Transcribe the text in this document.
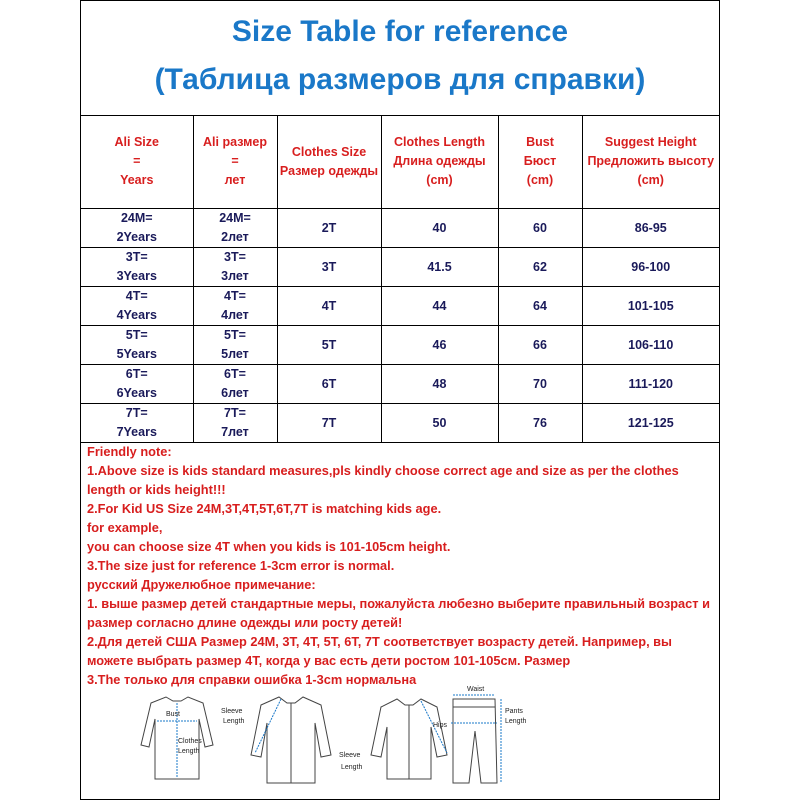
Size Table for reference
(Таблица размеров для справки)
Ali Size
=
Years	Ali размер
=
лет	Clothes Size
Размер одежды	Clothes Length
Длина одежды
(cm)	Bust
Бюст
(cm)	Suggest Height
Предложить высоту
(cm)

24M=
2Years	24M=
2лет	2T	40	60	86-95

3T=
3Years	3T=
3лет	3T	41.5	62	96-100

4T=
4Years	4T=
4лет	4T	44	64	101-105

5T=
5Years	5T=
5лет	5T	46	66	106-110

6T=
6Years	6T=
6лет	6T	48	70	111-120

7T=
7Years	7T=
7лет	7T	50	76	121-125

Friendly note:

1.Above size is kids standard measures,pls kindly choose correct age and size as per the clothes length or kids height!!!

2.For Kid US Size 24M,3T,4T,5T,6T,7T is matching kids age.

for example,

you can choose size 4T when you kids is 101-105cm height.

3.The size just for reference 1-3cm error is normal.

русский Дружелюбное примечание:

1. выше размер детей стандартные меры, пожалуйста любезно выберите правильный возраст и размер согласно длине одежды или росту детей!

2.Для детей США Размер 24M, 3T, 4T, 5T, 6T, 7T соответствует возрасту детей. Например, вы можете выбрать размер 4T, когда у вас есть дети ростом 101-105см. Размер

3.The только для справки ошибка 1-3cm нормальна

Bust
Clothes
Length
Sleeve
Length
Sleeve
Length
Waist
Hips
Pants
Length
